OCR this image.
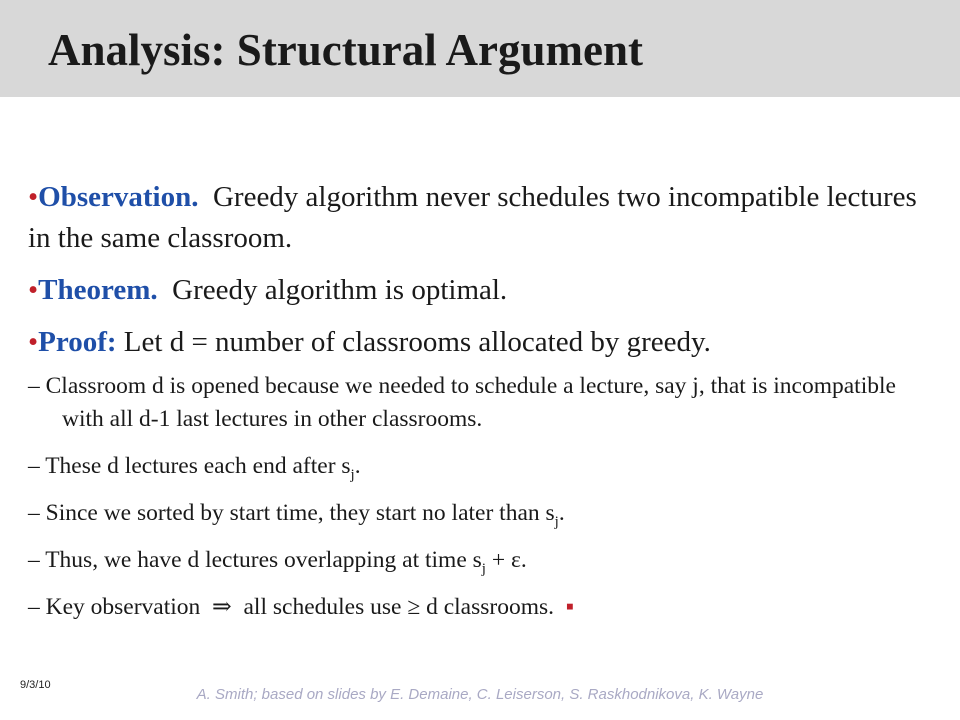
Analysis: Structural Argument

•Observation. Greedy algorithm never schedules two incompatible lectures in the same classroom.

•Theorem. Greedy algorithm is optimal.

•Proof: Let d = number of classrooms allocated by greedy.

– Classroom d is opened because we needed to schedule a lecture, say j, that is incompatible with all d-1 last lectures in other classrooms.

– These d lectures each end after $s_j$.

– Since we sorted by start time, they start no later than $s_j$.

– Thus, we have d lectures overlapping at time $s_j + \varepsilon$.

– Key observation  ⇒  all schedules use ≥ d classrooms.  ▪

9/3/10
A. Smith; based on slides by E. Demaine, C. Leiserson, S. Raskhodnikova, K. Wayne
